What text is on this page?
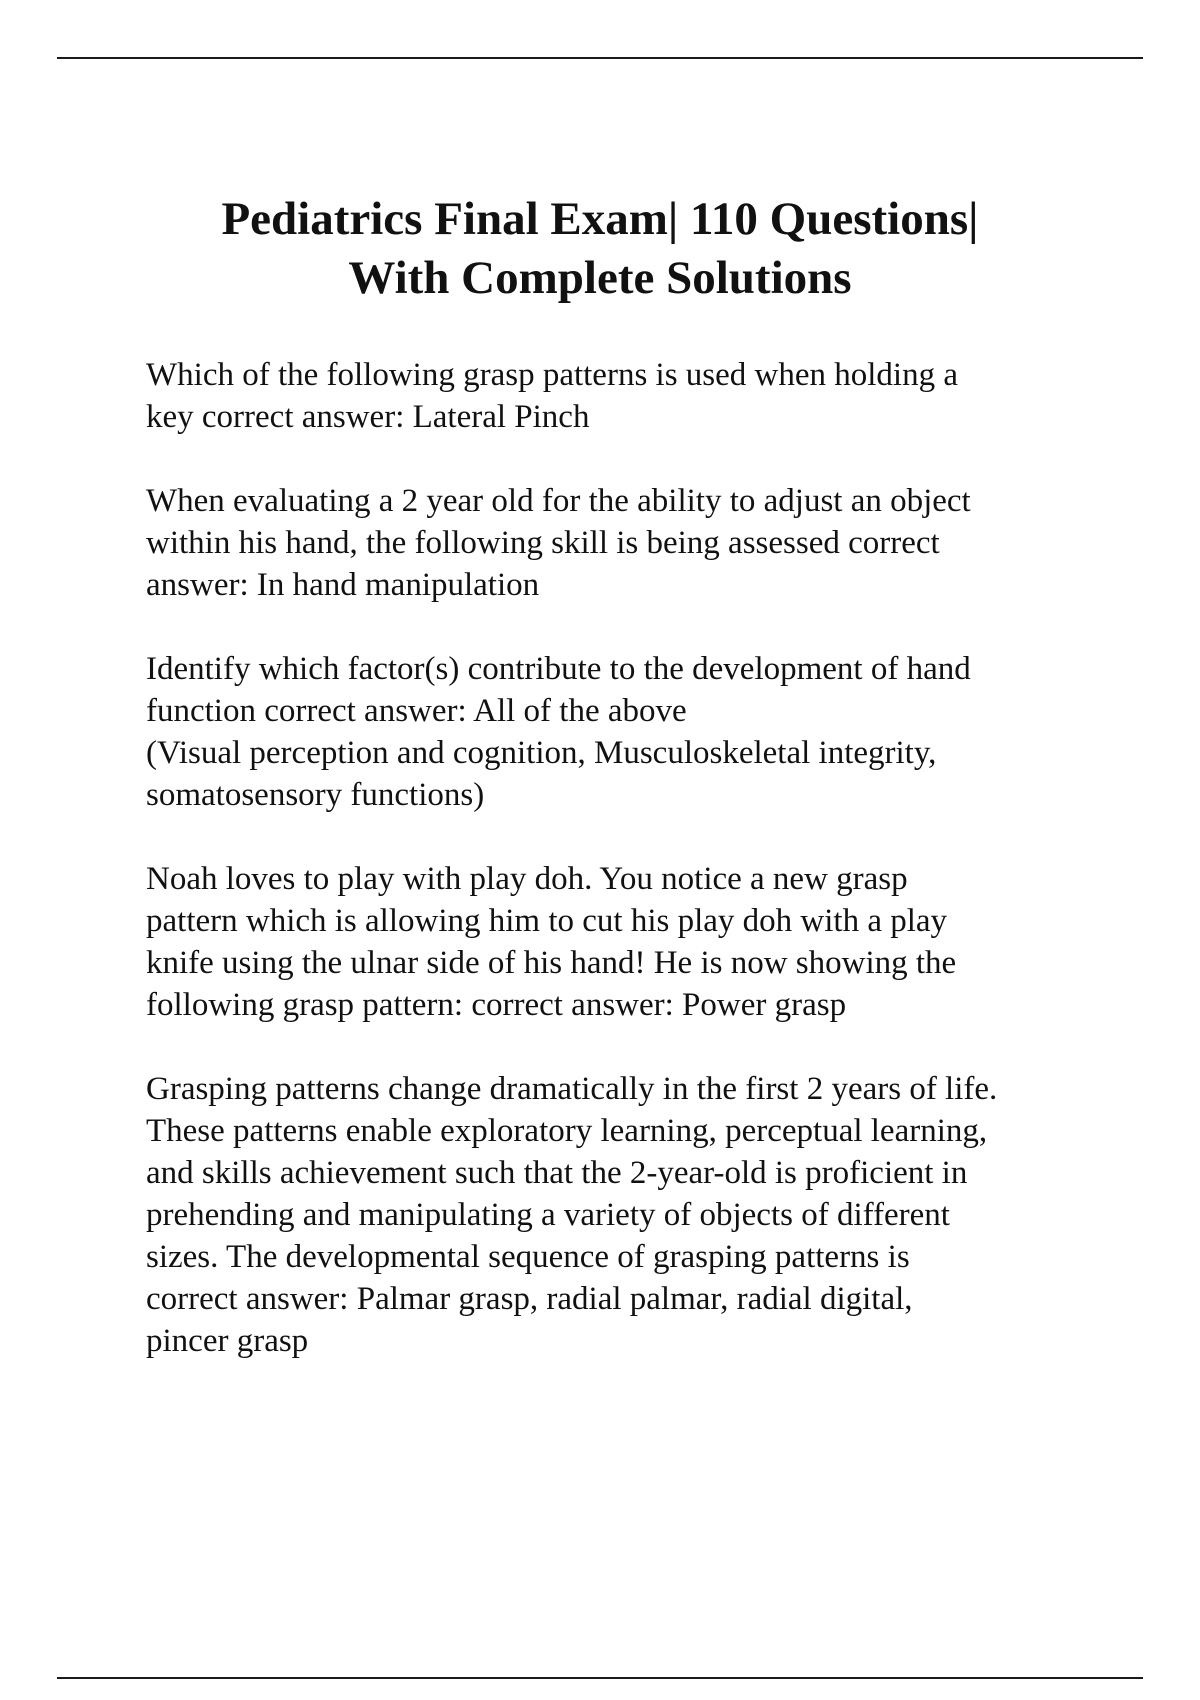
Pediatrics Final Exam| 110 Questions|
With Complete Solutions

Which of the following grasp patterns is used when holding a
key correct answer: Lateral Pinch

When evaluating a 2 year old for the ability to adjust an object
within his hand, the following skill is being assessed correct
answer: In hand manipulation

Identify which factor(s) contribute to the development of hand
function correct answer: All of the above
(Visual perception and cognition, Musculoskeletal integrity,
somatosensory functions)

Noah loves to play with play doh. You notice a new grasp
pattern which is allowing him to cut his play doh with a play
knife using the ulnar side of his hand! He is now showing the
following grasp pattern: correct answer: Power grasp

Grasping patterns change dramatically in the first 2 years of life.
These patterns enable exploratory learning, perceptual learning,
and skills achievement such that the 2-year-old is proficient in
prehending and manipulating a variety of objects of different
sizes. The developmental sequence of grasping patterns is
correct answer: Palmar grasp, radial palmar, radial digital,
pincer grasp
